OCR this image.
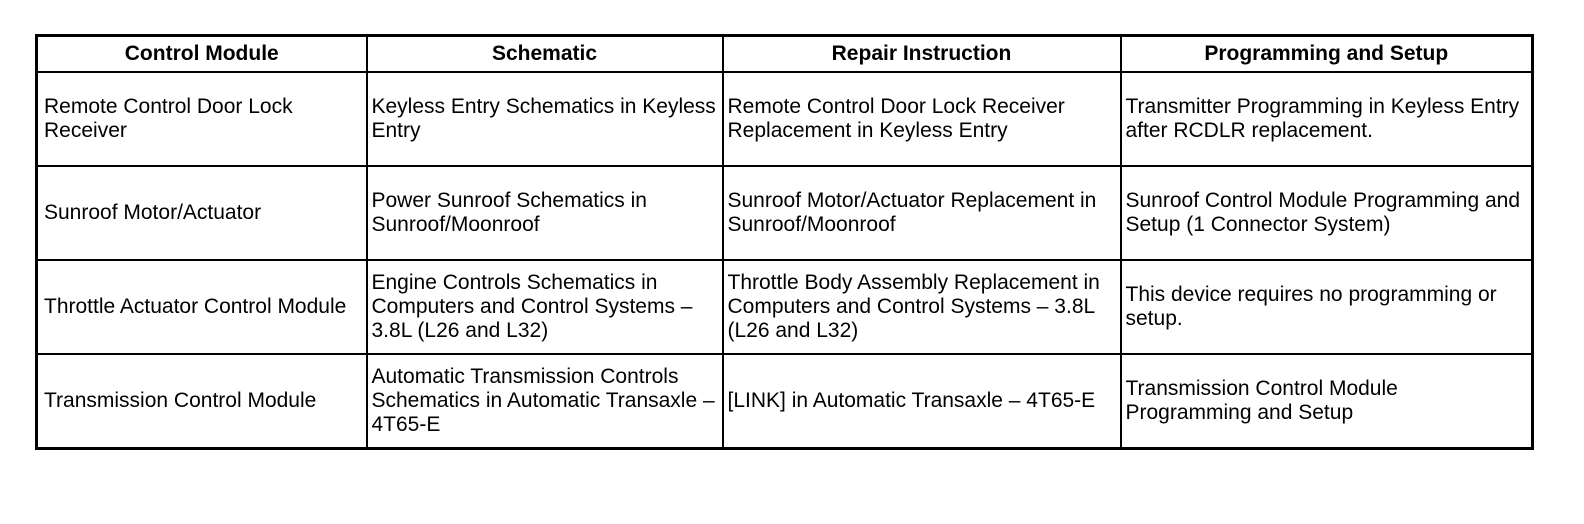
Control Module	Schematic	Repair Instruction	Programming and Setup
Remote Control Door Lock Receiver	Keyless Entry Schematics in Keyless Entry	Remote Control Door Lock Receiver Replacement in Keyless Entry	Transmitter Programming in Keyless Entry after RCDLR replacement.
Sunroof Motor/Actuator	Power Sunroof Schematics in Sunroof/Moonroof	Sunroof Motor/Actuator Replacement in Sunroof/Moonroof	Sunroof Control Module Programming and Setup (1 Connector System)
Throttle Actuator Control Module	Engine Controls Schematics in Computers and Control Systems – 3.8L (L26 and L32)	Throttle Body Assembly Replacement in Computers and Control Systems – 3.8L (L26 and L32)	This device requires no programming or setup.
Transmission Control Module	Automatic Transmission Controls Schematics in Automatic Transaxle – 4T65-E	[LINK] in Automatic Transaxle – 4T65-E	Transmission Control Module Programming and Setup
